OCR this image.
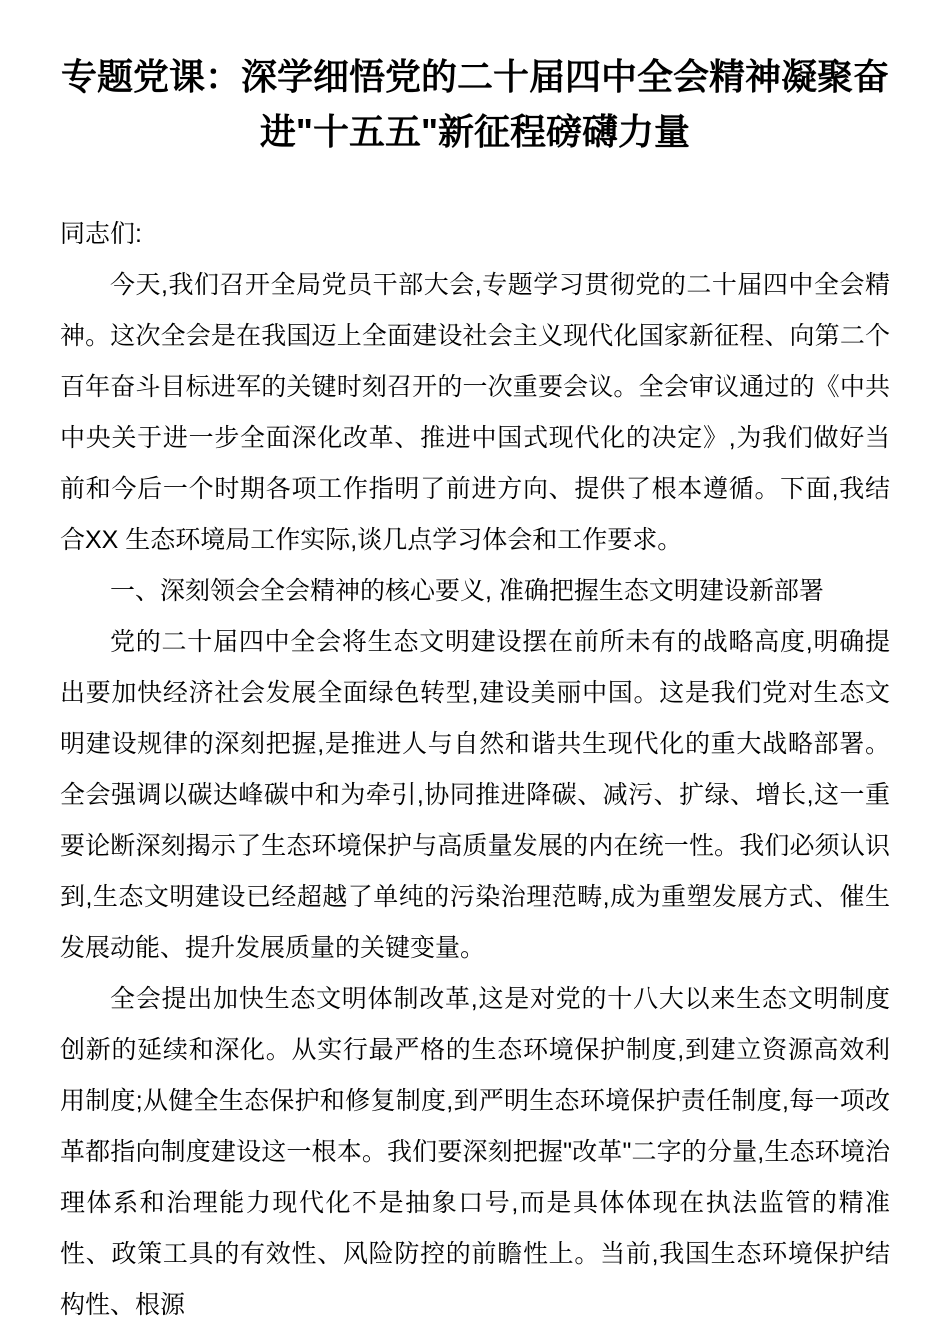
专题党课：深学细悟党的二十届四中全会精神凝聚奋进"十五五"新征程磅礴力量

同志们:

今天,我们召开全局党员干部大会,专题学习贯彻党的二十届四中全会精神。这次全会是在我国迈上全面建设社会主义现代化国家新征程、向第二个百年奋斗目标进军的关键时刻召开的一次重要会议。全会审议通过的《中共中央关于进一步全面深化改革、推进中国式现代化的决定》,为我们做好当前和今后一个时期各项工作指明了前进方向、提供了根本遵循。下面,我结合XX 生态环境局工作实际,谈几点学习体会和工作要求。

一、深刻领会全会精神的核心要义, 准确把握生态文明建设新部署

党的二十届四中全会将生态文明建设摆在前所未有的战略高度,明确提出要加快经济社会发展全面绿色转型,建设美丽中国。这是我们党对生态文明建设规律的深刻把握,是推进人与自然和谐共生现代化的重大战略部署。全会强调以碳达峰碳中和为牵引,协同推进降碳、减污、扩绿、增长,这一重要论断深刻揭示了生态环境保护与高质量发展的内在统一性。我们必须认识到,生态文明建设已经超越了单纯的污染治理范畴,成为重塑发展方式、催生发展动能、提升发展质量的关键变量。

全会提出加快生态文明体制改革,这是对党的十八大以来生态文明制度创新的延续和深化。从实行最严格的生态环境保护制度,到建立资源高效利用制度;从健全生态保护和修复制度,到严明生态环境保护责任制度,每一项改革都指向制度建设这一根本。我们要深刻把握"改革"二字的分量,生态环境治理体系和治理能力现代化不是抽象口号,而是具体体现在执法监管的精准性、政策工具的有效性、风险防控的前瞻性上。当前,我国生态环境保护结构性、根源
